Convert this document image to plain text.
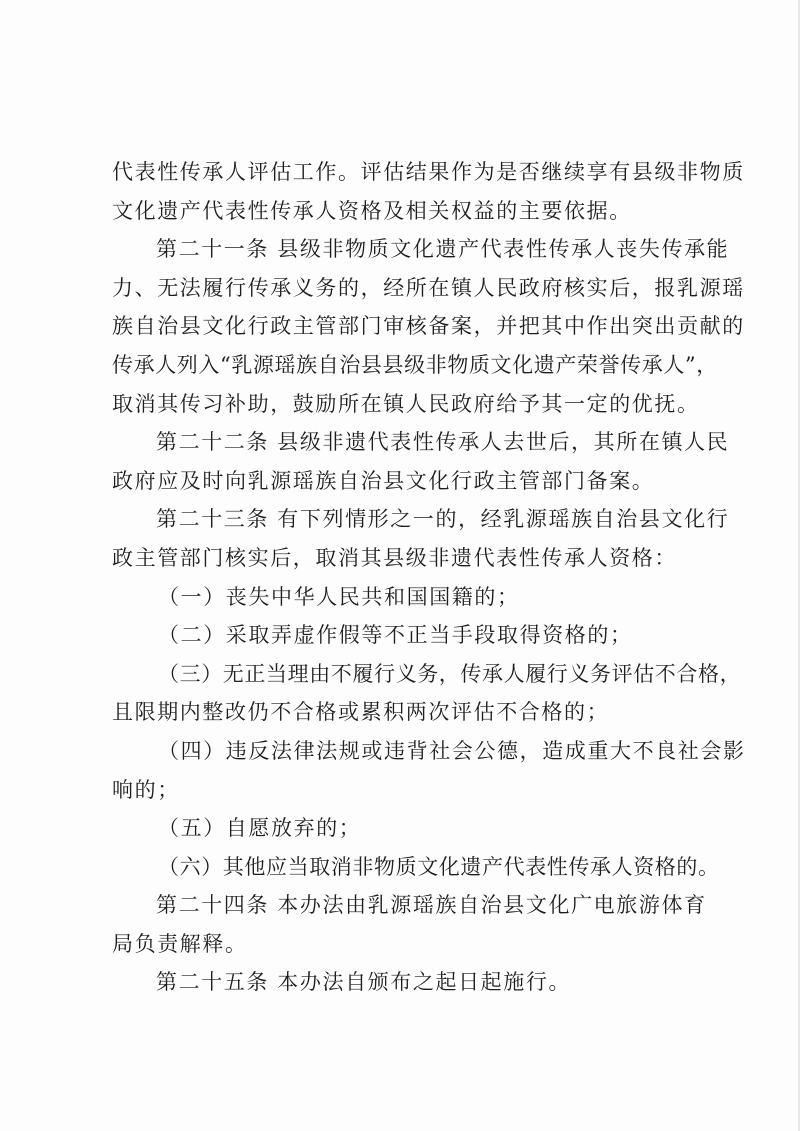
代表性传承人评估工作。评估结果作为是否继续享有县级非物质
文化遗产代表性传承人资格及相关权益的主要依据。
第二十一条 县级非物质文化遗产代表性传承人丧失传承能
力、无法履行传承义务的，经所在镇人民政府核实后，报乳源瑶
族自治县文化行政主管部门审核备案，并把其中作出突出贡献的
传承人列入“乳源瑶族自治县县级非物质文化遗产荣誉传承人”，
取消其传习补助，鼓励所在镇人民政府给予其一定的优抚。
第二十二条 县级非遗代表性传承人去世后，其所在镇人民
政府应及时向乳源瑶族自治县文化行政主管部门备案。
第二十三条 有下列情形之一的，经乳源瑶族自治县文化行
政主管部门核实后，取消其县级非遗代表性传承人资格：
（一）丧失中华人民共和国国籍的；
（二）采取弄虚作假等不正当手段取得资格的；
（三）无正当理由不履行义务，传承人履行义务评估不合格，
且限期内整改仍不合格或累积两次评估不合格的；
（四）违反法律法规或违背社会公德，造成重大不良社会影
响的；
（五）自愿放弃的；
（六）其他应当取消非物质文化遗产代表性传承人资格的。
第二十四条 本办法由乳源瑶族自治县文化广电旅游体育
局负责解释。
第二十五条 本办法自颁布之起日起施行。
